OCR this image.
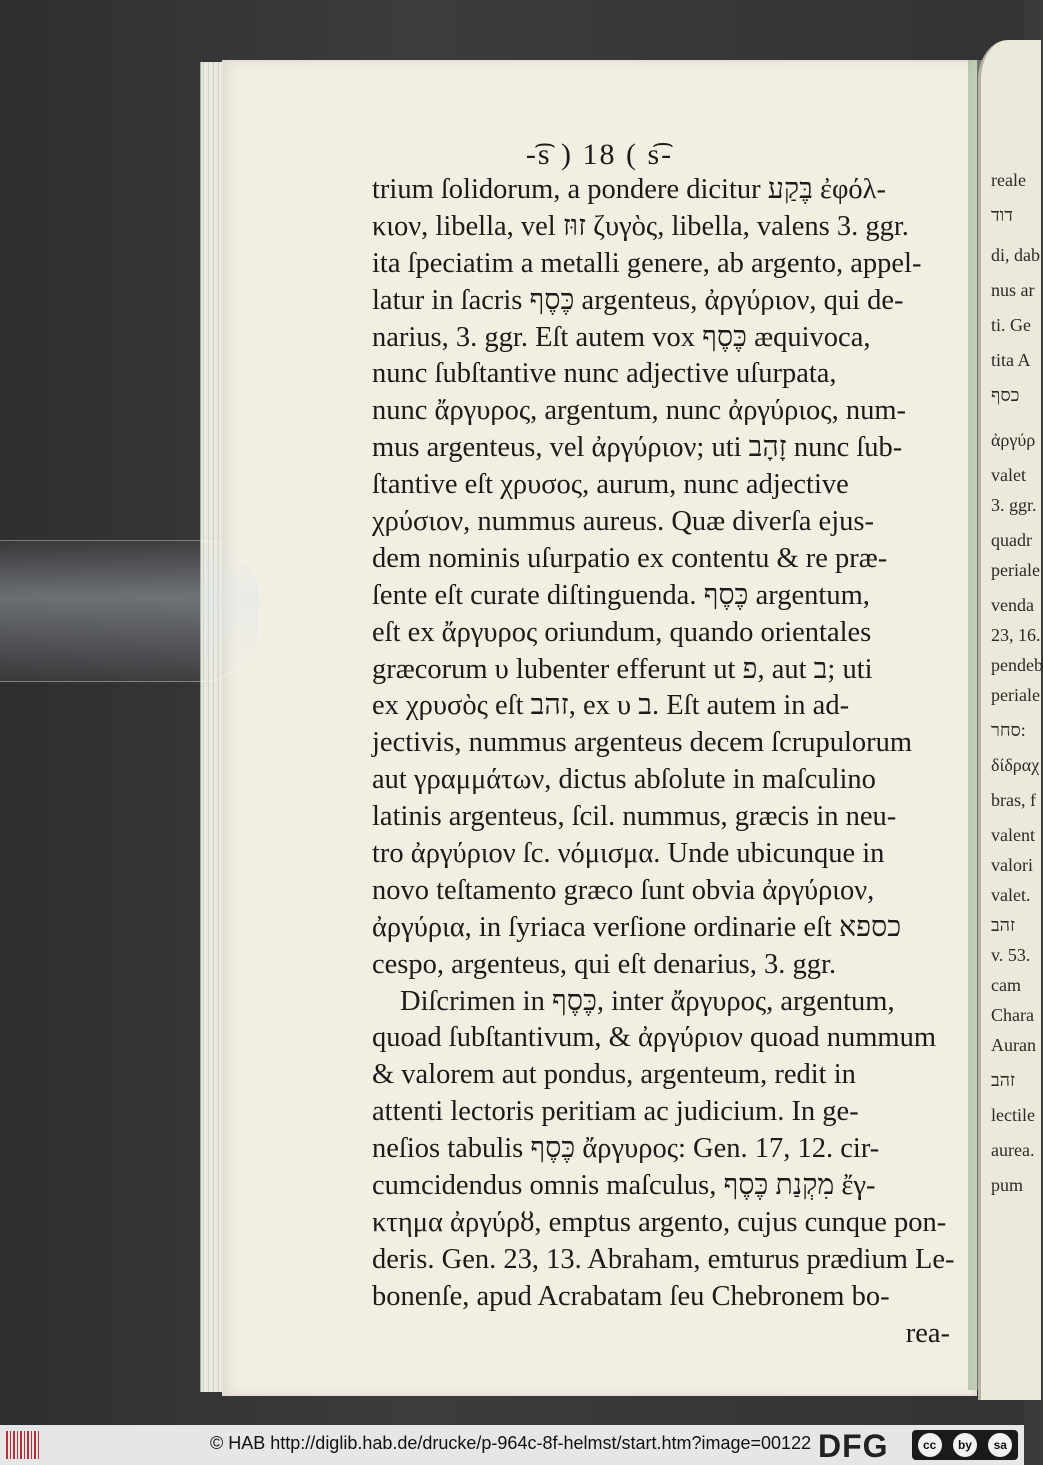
-͡s ) 18 ( s͡-
trium ſolidorum, a pondere dicitur בֶּקַע ἐφόλ-
κιον, libella, vel זוּז ζυγὸς, libella, valens 3. ggr.
ita ſpeciatim a metalli genere, ab argento, appel-
latur in ſacris כֶּסֶף argenteus, ἀργύριον, qui de-
narius, 3. ggr. Eſt autem vox כֶּסֶף æquivoca,
nunc ſubſtantive nunc adjective uſurpata,
nunc ἄργυρος, argentum, nunc ἀργύριος, num-
mus argenteus, vel ἀργύριον; uti זָהָב nunc ſub-
ſtantive eſt χρυσος, aurum, nunc adjective
χρύσιον, nummus aureus. Quæ diverſa ejus-
dem nominis uſurpatio ex contentu & re præ-
ſente eſt curate diſtinguenda. כֶּסֶף argentum,
eſt ex ἄργυρος oriundum, quando orientales
græcorum υ lubenter efferunt ut פ, aut ב; uti
ex χρυσὸς eſt זהב, ex υ ב. Eſt autem in ad-
jectivis, nummus argenteus decem ſcrupulorum
aut γραμμάτων, dictus abſolute in maſculino
latinis argenteus, ſcil. nummus, græcis in neu-
tro ἀργύριον ſc. νόμισμα. Unde ubicunque in
novo teſtamento græco ſunt obvia ἀργύριον,
ἀργύρια, in ſyriaca verſione ordinarie eſt כספא
cespo, argenteus, qui eſt denarius, 3. ggr.
Diſcrimen in כֶּסֶף, inter ἄργυρος, argentum,
quoad ſubſtantivum, & ἀργύριον quoad nummum
& valorem aut pondus, argenteum, redit in
attenti lectoris peritiam ac judicium. In ge-
neſios tabulis כֶּסֶף ἄργυρος: Gen. 17, 12. cir-
cumcidendus omnis maſculus, מִקְנַת כֶּסֶף ἔγ-
κτημα ἀργύρȣ, emptus argento, cujus cunque pon-
deris. Gen. 23, 13. Abraham, emturus prædium Le-
bonenſe, apud Acrabatam ſeu Chebronem bo-
rea-
reale
דוד
di, dab
nus ar
ti. Ge
tita A
כסף
ἀργύρ
valet
3. ggr.
quadr
periale
venda
23, 16.
pendeb
periale
סחר:
δίδραχ
bras, f
valent
valori
valet.
זהב
v. 53.
cam
Chara
Auran
זהב
lectile
aurea.
pum
© HAB http://diglib.hab.de/drucke/p-964c-8f-helmst/start.htm?image=00122 DFG	cc	by	sa
